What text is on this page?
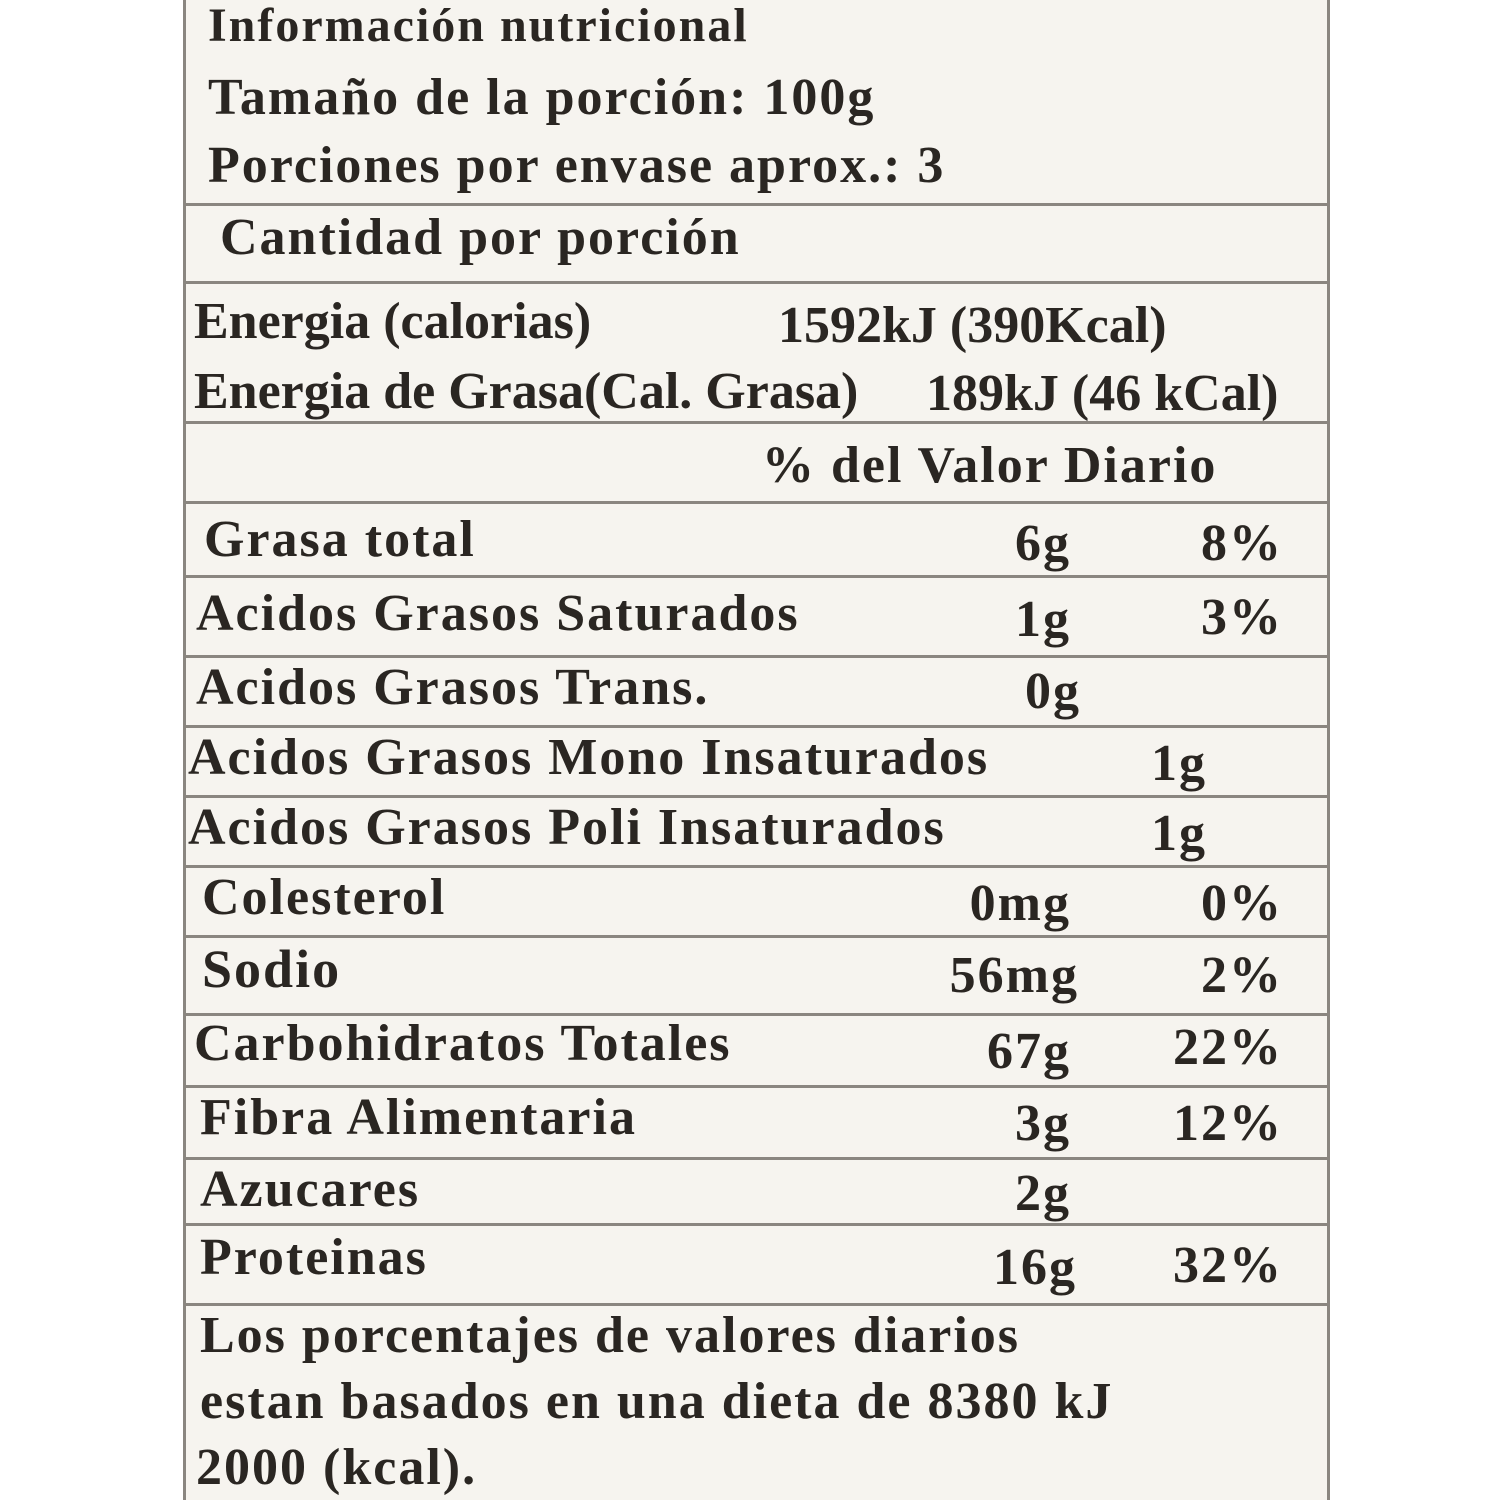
Información nutricional
Tamaño de la porción: 100g
Porciones por envase aprox.: 3
Cantidad por porción
Energia (calorias)	1592kJ (390Kcal)
Energia de Grasa(Cal. Grasa) 189kJ (46 kCal)
% del Valor Diario
Grasa total	6g	8%
Acidos Grasos Saturados	1g	3%
Acidos Grasos Trans.	0g
Acidos Grasos Mono Insaturados	1g
Acidos Grasos Poli Insaturados	1g
Colesterol	0mg	0%
Sodio	56mg 2%
Carbohidratos Totales	67g 22%
Fibra Alimentaria	3g 12%
Azucares	2g
Proteinas	16g 32%
Los porcentajes de valores diarios
estan basados en una dieta de 8380 kJ
2000 (kcal).
